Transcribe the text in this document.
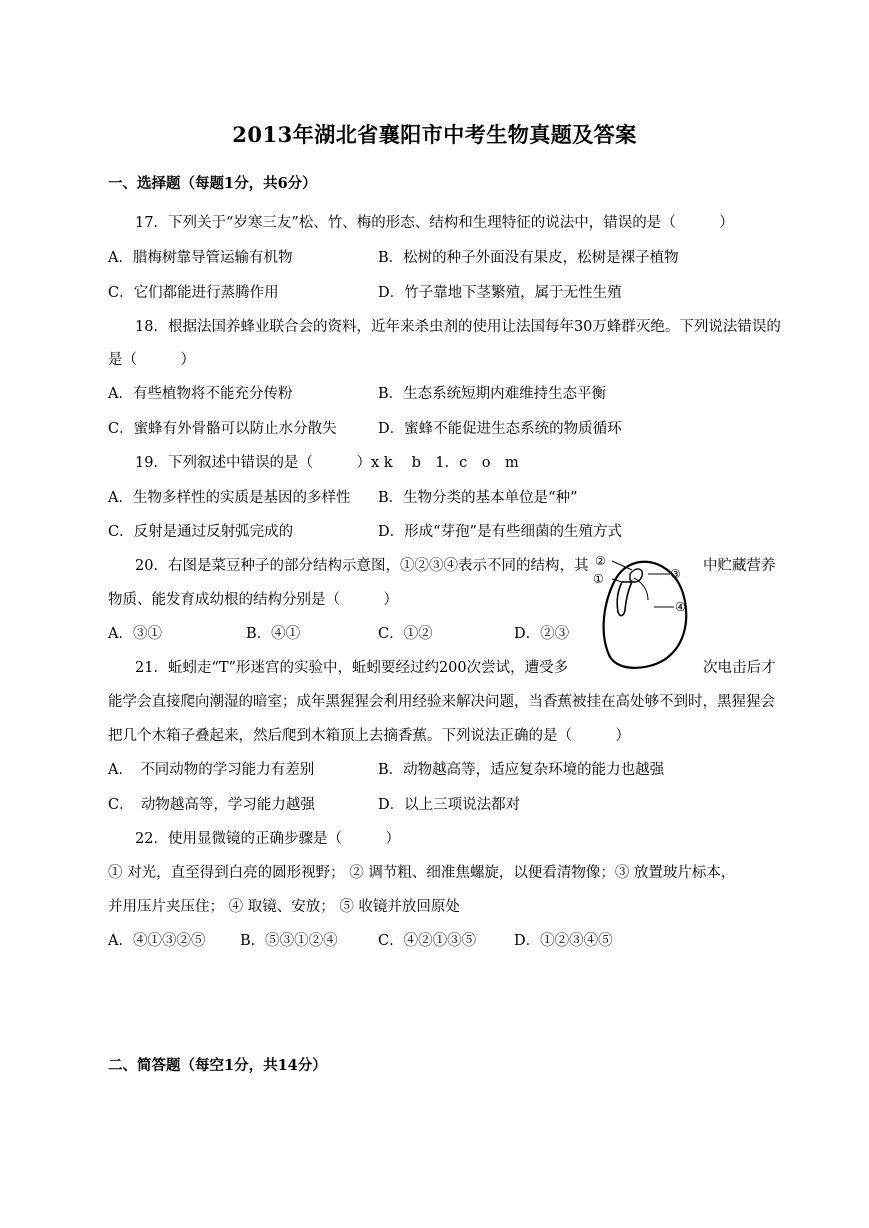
2013年湖北省襄阳市中考生物真题及答案
一、选择题（每题1分，共6分）
17．下列关于“岁寒三友”松、竹、梅的形态、结构和生理特征的说法中，错误的是（　　　）
A．腊梅树靠导管运输有机物	B．松树的种子外面没有果皮，松树是裸子植物
C．它们都能进行蒸腾作用	D．竹子靠地下茎繁殖，属于无性生殖
18．根据法国养蜂业联合会的资料，近年来杀虫剂的使用让法国每年30万蜂群灭绝。下列说法错误的
是（　　　）
A．有些植物将不能充分传粉	B．生态系统短期内难维持生态平衡
C．蜜蜂有外骨骼可以防止水分散失	D．蜜蜂不能促进生态系统的物质循环
19．下列叙述中错误的是（　　　）x k　 b　1．c　o　m
A．生物多样性的实质是基因的多样性 B．生物分类的基本单位是“种”
C．反射是通过反射弧完成的	D．形成“芽孢”是有些细菌的生殖方式
20．右图是菜豆种子的部分结构示意图，①②③④表示不同的结构，其	中贮藏营养
物质、能发育成幼根的结构分别是（　　　）
A．③①	B．④①	C．①②	D．②③
②
①	③
④
21．蚯蚓走“T”形迷宫的实验中，蚯蚓要经过约200次尝试，遭受多	次电击后才
能学会直接爬向潮湿的暗室；成年黑猩猩会利用经验来解决问题，当香蕉被挂在高处够不到时，黑猩猩会
把几个木箱子叠起来，然后爬到木箱顶上去摘香蕉。下列说法正确的是（　　　）
A．　不同动物的学习能力有差别	B．动物越高等，适应复杂环境的能力也越强
C．　动物越高等，学习能力越强	D．以上三项说法都对
22．使用显微镜的正确步骤是（　　　）
① 对光，直至得到白亮的圆形视野； ② 调节粗、细准焦螺旋，以便看清物像；③ 放置玻片标本，
并用压片夹压住； ④ 取镜、安放； ⑤ 收镜并放回原处
A．④①③②⑤ B．⑤③①②④	C．④②①③⑤	D．①②③④⑤
二、简答题（每空1分，共14分）
